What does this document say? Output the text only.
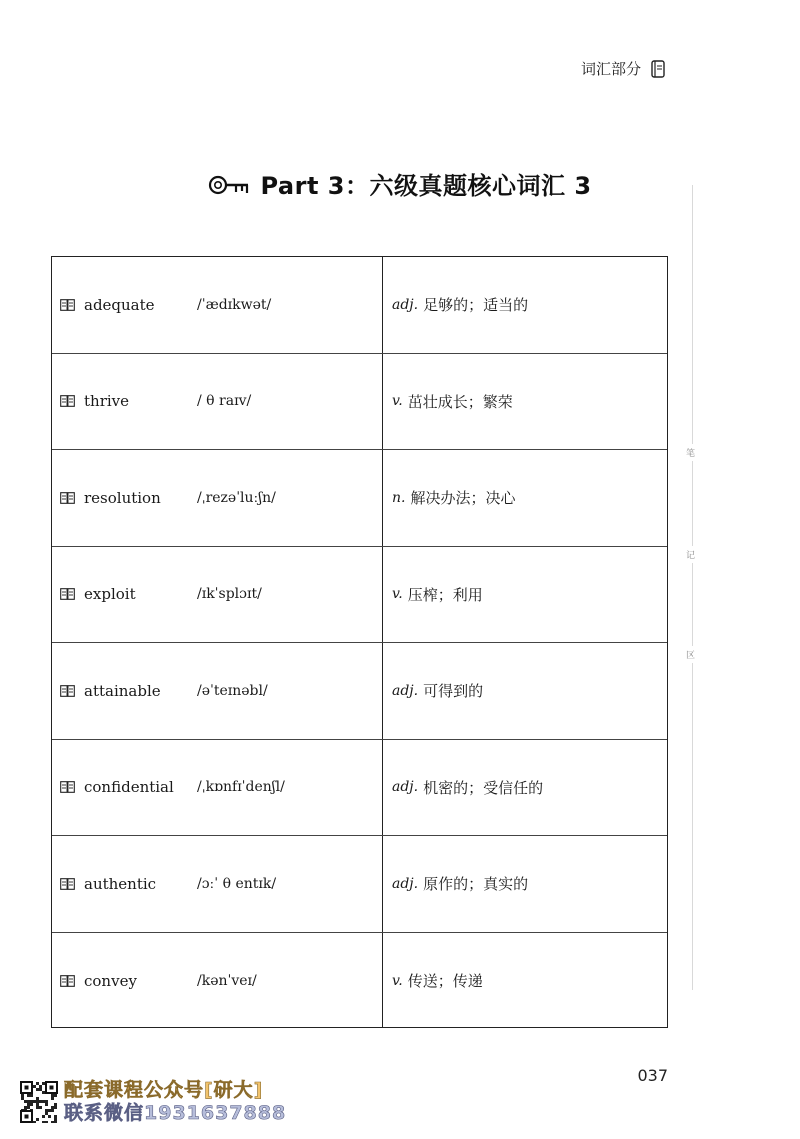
词汇部分
Part 3：六级真题核心词汇 3
adequate	/ˈædɪkwət/	adj. 足够的；适当的
thrive	/ θ raɪv/	v. 茁壮成长；繁荣
resolution	/ˌrezəˈluːʃn/	n. 解决办法；决心
exploit	/ɪkˈsplɔɪt/	v. 压榨；利用
attainable	/əˈteɪnəbl/	adj. 可得到的
confidential /ˌkɒnfɪˈdenʃl/	adj. 机密的；受信任的
authentic	/ɔːˈ θ entɪk/	adj. 原作的；真实的
convey	/kənˈveɪ/	v. 传送；传递
笔
记
区
037
配套课程公众号[研大]
联系微信1931637888
